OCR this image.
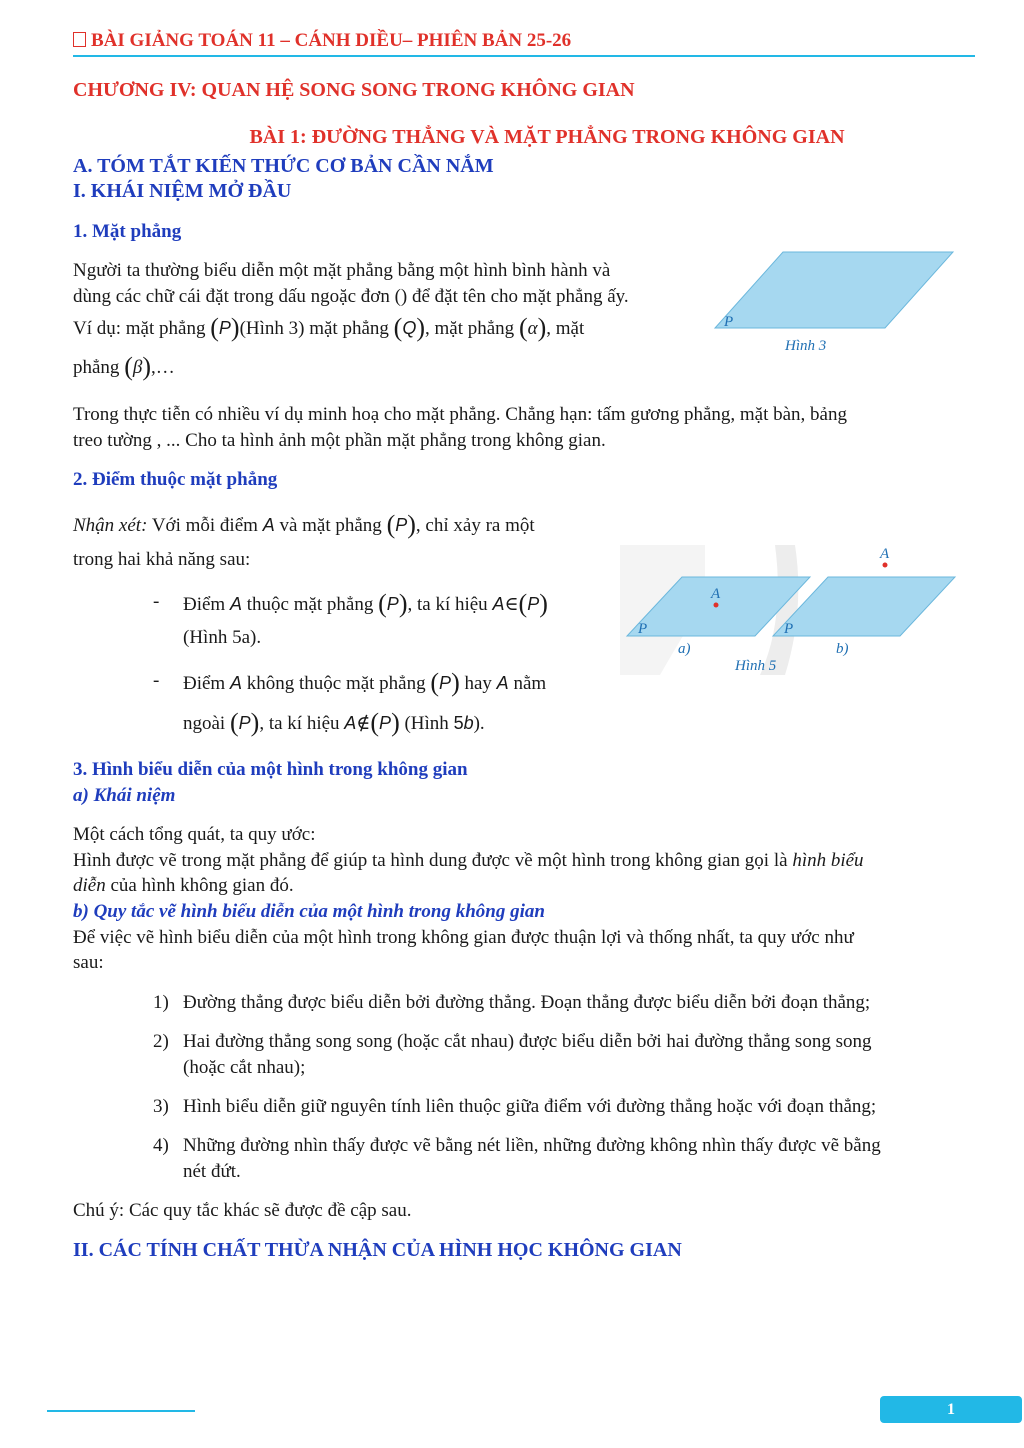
BÀI GIẢNG TOÁN 11 – CÁNH DIỀU– PHIÊN BẢN 25-26
CHƯƠNG IV: QUAN HỆ SONG SONG TRONG KHÔNG GIAN
BÀI 1: ĐƯỜNG THẲNG VÀ MẶT PHẲNG TRONG KHÔNG GIAN
A. TÓM TẮT KIẾN THỨC CƠ BẢN CẦN NẮM
I. KHÁI NIỆM MỞ ĐẦU
1. Mặt phẳng
Người ta thường biểu diễn một mặt phẳng bằng một hình bình hành và
dùng các chữ cái đặt trong dấu ngoặc đơn () để đặt tên cho mặt phẳng ấy.
Ví dụ: mặt phẳng (P)(Hình 3) mặt phẳng (Q), mặt phẳng (α), mặt
phẳng (β),…
P
Hình 3
Trong thực tiễn có nhiều ví dụ minh hoạ cho mặt phẳng. Chẳng hạn: tấm gương phẳng, mặt bàn, bảng
treo tường , ... Cho ta hình ảnh một phần mặt phẳng trong không gian.
2. Điểm thuộc mặt phẳng
Nhận xét: Với mỗi điểm A và mặt phẳng (P), chỉ xảy ra một
trong hai khả năng sau:
- Điểm A thuộc mặt phẳng (P), ta kí hiệu A∈(P)
(Hình 5a).
- Điểm A không thuộc mặt phẳng (P) hay A nằm
ngoài (P), ta kí hiệu A∉(P) (Hình 5b).
A
P
a)
A
P
b)
Hình 5
3. Hình biểu diễn của một hình trong không gian
a) Khái niệm
Một cách tổng quát, ta quy ước:
Hình được vẽ trong mặt phẳng để giúp ta hình dung được về một hình trong không gian gọi là hình biểu
diễn của hình không gian đó.
b) Quy tắc vẽ hình biểu diễn của một hình trong không gian
Để việc vẽ hình biểu diễn của một hình trong không gian được thuận lợi và thống nhất, ta quy ước như
sau:
1) Đường thẳng được biểu diễn bởi đường thẳng. Đoạn thẳng được biểu diễn bởi đoạn thẳng;
2) Hai đường thẳng song song (hoặc cắt nhau) được biểu diễn bởi hai đường thẳng song song
(hoặc cắt nhau);
3) Hình biểu diễn giữ nguyên tính liên thuộc giữa điểm với đường thẳng hoặc với đoạn thẳng;
4) Những đường nhìn thấy được vẽ bằng nét liền, những đường không nhìn thấy được vẽ bằng
nét đứt.
Chú ý: Các quy tắc khác sẽ được đề cập sau.
II. CÁC TÍNH CHẤT THỪA NHẬN CỦA HÌNH HỌC KHÔNG GIAN
1
